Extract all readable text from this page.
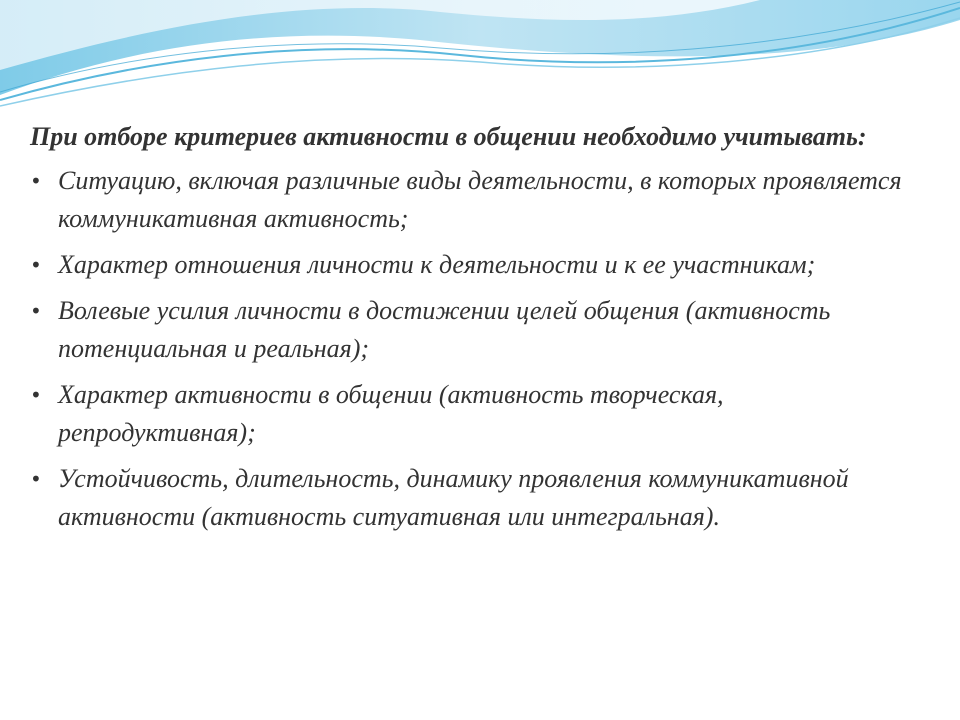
При отборе критериев активности в общении необходимо учитывать:

• Ситуацию, включая различные виды деятельности, в которых проявляется коммуникативная активность;
• Характер отношения личности к деятельности и к ее участникам;
• Волевые усилия личности в достижении целей общения (активность потенциальная и реальная);
• Характер активности в общении (активность творческая, репродуктивная);
• Устойчивость, длительность, динамику проявления коммуникативной активности (активность ситуативная или интегральная).
